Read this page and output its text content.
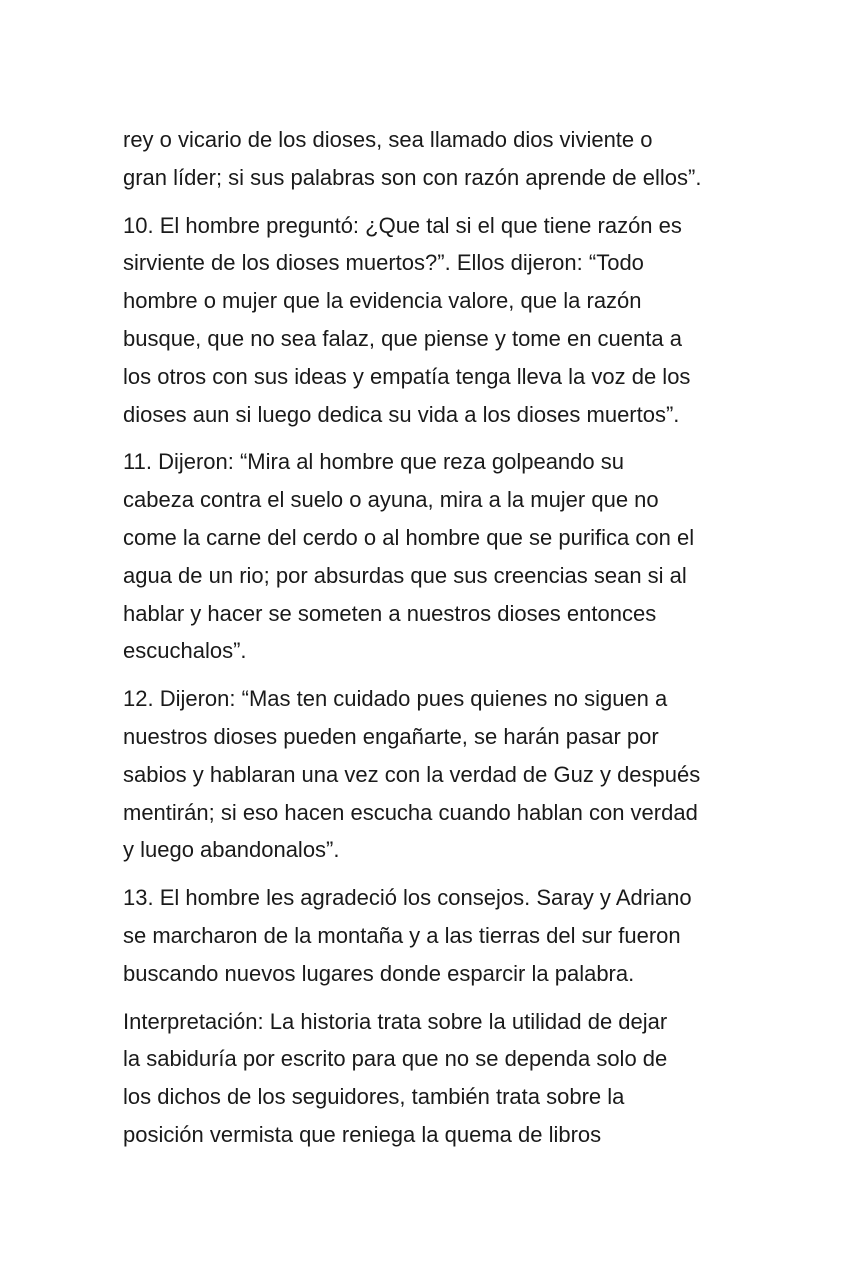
rey o vicario de los dioses, sea llamado dios viviente o
gran líder; si sus palabras son con razón aprende de ellos”.

10. El hombre preguntó: ¿Que tal si el que tiene razón es
sirviente de los dioses muertos?”. Ellos dijeron: “Todo
hombre o mujer que la evidencia valore, que la razón
busque, que no sea falaz, que piense y tome en cuenta a
los otros con sus ideas y empatía tenga lleva la voz de los
dioses aun si luego dedica su vida a los dioses muertos”.

11. Dijeron: “Mira al hombre que reza golpeando su
cabeza contra el suelo o ayuna, mira a la mujer que no
come la carne del cerdo o al hombre que se purifica con el
agua de un rio; por absurdas que sus creencias sean si al
hablar y hacer se someten a nuestros dioses entonces
escuchalos”.

12. Dijeron: “Mas ten cuidado pues quienes no siguen a
nuestros dioses pueden engañarte, se harán pasar por
sabios y hablaran una vez con la verdad de Guz y después
mentirán; si eso hacen escucha cuando hablan con verdad
y luego abandonalos”.

13. El hombre les agradeció los consejos. Saray y Adriano
se marcharon de la montaña y a las tierras del sur fueron
buscando nuevos lugares donde esparcir la palabra.

Interpretación: La historia trata sobre la utilidad de dejar
la sabiduría por escrito para que no se dependa solo de
los dichos de los seguidores, también trata sobre la
posición vermista que reniega la quema de libros
